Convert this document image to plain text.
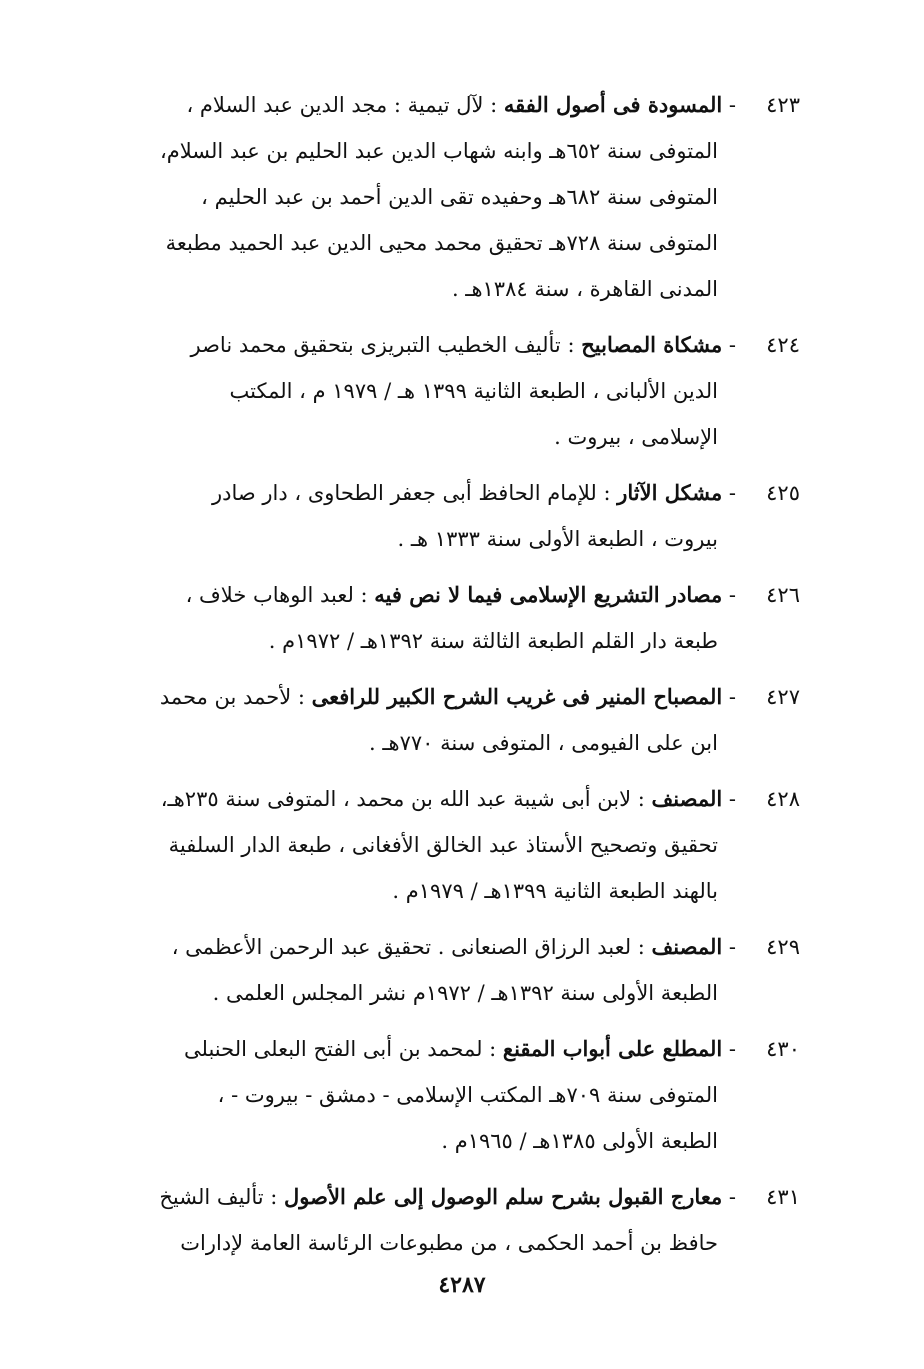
٤٢٣
- المسودة فى أصول الفقه : لآل تيمية : مجد الدين عبد السلام ،
المتوفى سنة ٦٥٢هـ وابنه شهاب الدين عبد الحليم بن عبد السلام،
المتوفى سنة ٦٨٢هـ وحفيده تقى الدين أحمد بن عبد الحليم ،
المتوفى سنة ٧٢٨هـ تحقيق محمد محيى الدين عبد الحميد مطبعة
المدنى القاهرة ، سنة ١٣٨٤هـ .
٤٢٤
- مشكاة المصابيح : تأليف الخطيب التبريزى بتحقيق محمد ناصر
الدين الألبانى ، الطبعة الثانية ١٣٩٩ هـ / ١٩٧٩ م ، المكتب
الإسلامى ، بيروت .
٤٢٥
- مشكل الآثار : للإمام الحافظ أبى جعفر الطحاوى ، دار صادر
بيروت ، الطبعة الأولى سنة ١٣٣٣ هـ .
٤٢٦
- مصادر التشريع الإسلامى فيما لا نص فيه : لعبد الوهاب خلاف ،
طبعة دار القلم الطبعة الثالثة سنة ١٣٩٢هـ / ١٩٧٢م .
٤٢٧
- المصباح المنير فى غريب الشرح الكبير للرافعى : لأحمد بن محمد
ابن على الفيومى ، المتوفى سنة ٧٧٠هـ .
٤٢٨
- المصنف : لابن أبى شيبة عبد الله بن محمد ، المتوفى سنة ٢٣٥هـ،
تحقيق وتصحيح الأستاذ عبد الخالق الأفغانى ، طبعة الدار السلفية
بالهند الطبعة الثانية ١٣٩٩هـ / ١٩٧٩م .
٤٢٩
- المصنف : لعبد الرزاق الصنعانى . تحقيق عبد الرحمن الأعظمى ،
الطبعة الأولى سنة ١٣٩٢هـ / ١٩٧٢م نشر المجلس العلمى .
٤٣٠
- المطلع على أبواب المقنع : لمحمد بن أبى الفتح البعلى الحنبلى
المتوفى سنة ٧٠٩هـ المكتب الإسلامى - دمشق - بيروت - ،
الطبعة الأولى ١٣٨٥هـ / ١٩٦٥م .
٤٣١
- معارج القبول بشرح سلم الوصول إلى علم الأصول : تأليف الشيخ
حافظ بن أحمد الحكمى ، من مطبوعات الرئاسة العامة لإدارات
٤٢٨٧
